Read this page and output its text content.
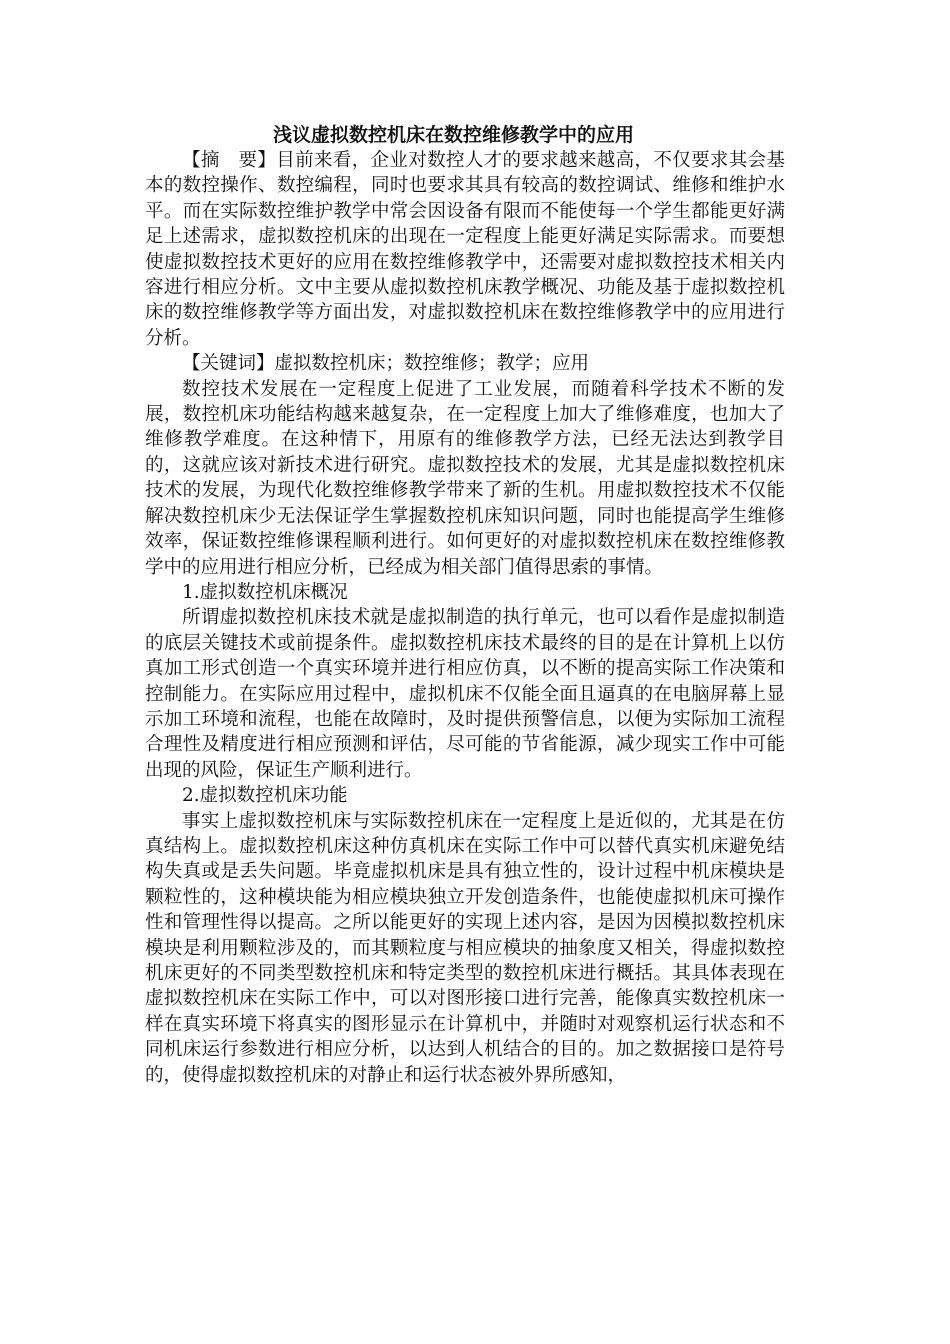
浅议虚拟数控机床在数控维修教学中的应用

【摘　要】目前来看，企业对数控人才的要求越来越高，不仅要求其会基本的数控操作、数控编程，同时也要求其具有较高的数控调试、维修和维护水平。而在实际数控维护教学中常会因设备有限而不能使每一个学生都能更好满足上述需求，虚拟数控机床的出现在一定程度上能更好满足实际需求。而要想使虚拟数控技术更好的应用在数控维修教学中，还需要对虚拟数控技术相关内容进行相应分析。文中主要从虚拟数控机床教学概况、功能及基于虚拟数控机床的数控维修教学等方面出发，对虚拟数控机床在数控维修教学中的应用进行分析。

【关键词】虚拟数控机床；数控维修；教学；应用

数控技术发展在一定程度上促进了工业发展，而随着科学技术不断的发展，数控机床功能结构越来越复杂，在一定程度上加大了维修难度，也加大了维修教学难度。在这种情下，用原有的维修教学方法，已经无法达到教学目的，这就应该对新技术进行研究。虚拟数控技术的发展，尤其是虚拟数控机床技术的发展，为现代化数控维修教学带来了新的生机。用虚拟数控技术不仅能解决数控机床少无法保证学生掌握数控机床知识问题，同时也能提高学生维修效率，保证数控维修课程顺利进行。如何更好的对虚拟数控机床在数控维修教学中的应用进行相应分析，已经成为相关部门值得思索的事情。

1.虚拟数控机床概况

所谓虚拟数控机床技术就是虚拟制造的执行单元，也可以看作是虚拟制造的底层关键技术或前提条件。虚拟数控机床技术最终的目的是在计算机上以仿真加工形式创造一个真实环境并进行相应仿真，以不断的提高实际工作决策和控制能力。在实际应用过程中，虚拟机床不仅能全面且逼真的在电脑屏幕上显示加工环境和流程，也能在故障时，及时提供预警信息，以便为实际加工流程合理性及精度进行相应预测和评估，尽可能的节省能源，减少现实工作中可能出现的风险，保证生产顺利进行。

2.虚拟数控机床功能

事实上虚拟数控机床与实际数控机床在一定程度上是近似的，尤其是在仿真结构上。虚拟数控机床这种仿真机床在实际工作中可以替代真实机床避免结构失真或是丢失问题。毕竟虚拟机床是具有独立性的，设计过程中机床模块是颗粒性的，这种模块能为相应模块独立开发创造条件，也能使虚拟机床可操作性和管理性得以提高。之所以能更好的实现上述内容，是因为因模拟数控机床模块是利用颗粒涉及的，而其颗粒度与相应模块的抽象度又相关，得虚拟数控机床更好的不同类型数控机床和特定类型的数控机床进行概括。其具体表现在虚拟数控机床在实际工作中，可以对图形接口进行完善，能像真实数控机床一样在真实环境下将真实的图形显示在计算机中，并随时对观察机运行状态和不同机床运行参数进行相应分析，以达到人机结合的目的。加之数据接口是符号的，使得虚拟数控机床的对静止和运行状态被外界所感知，
